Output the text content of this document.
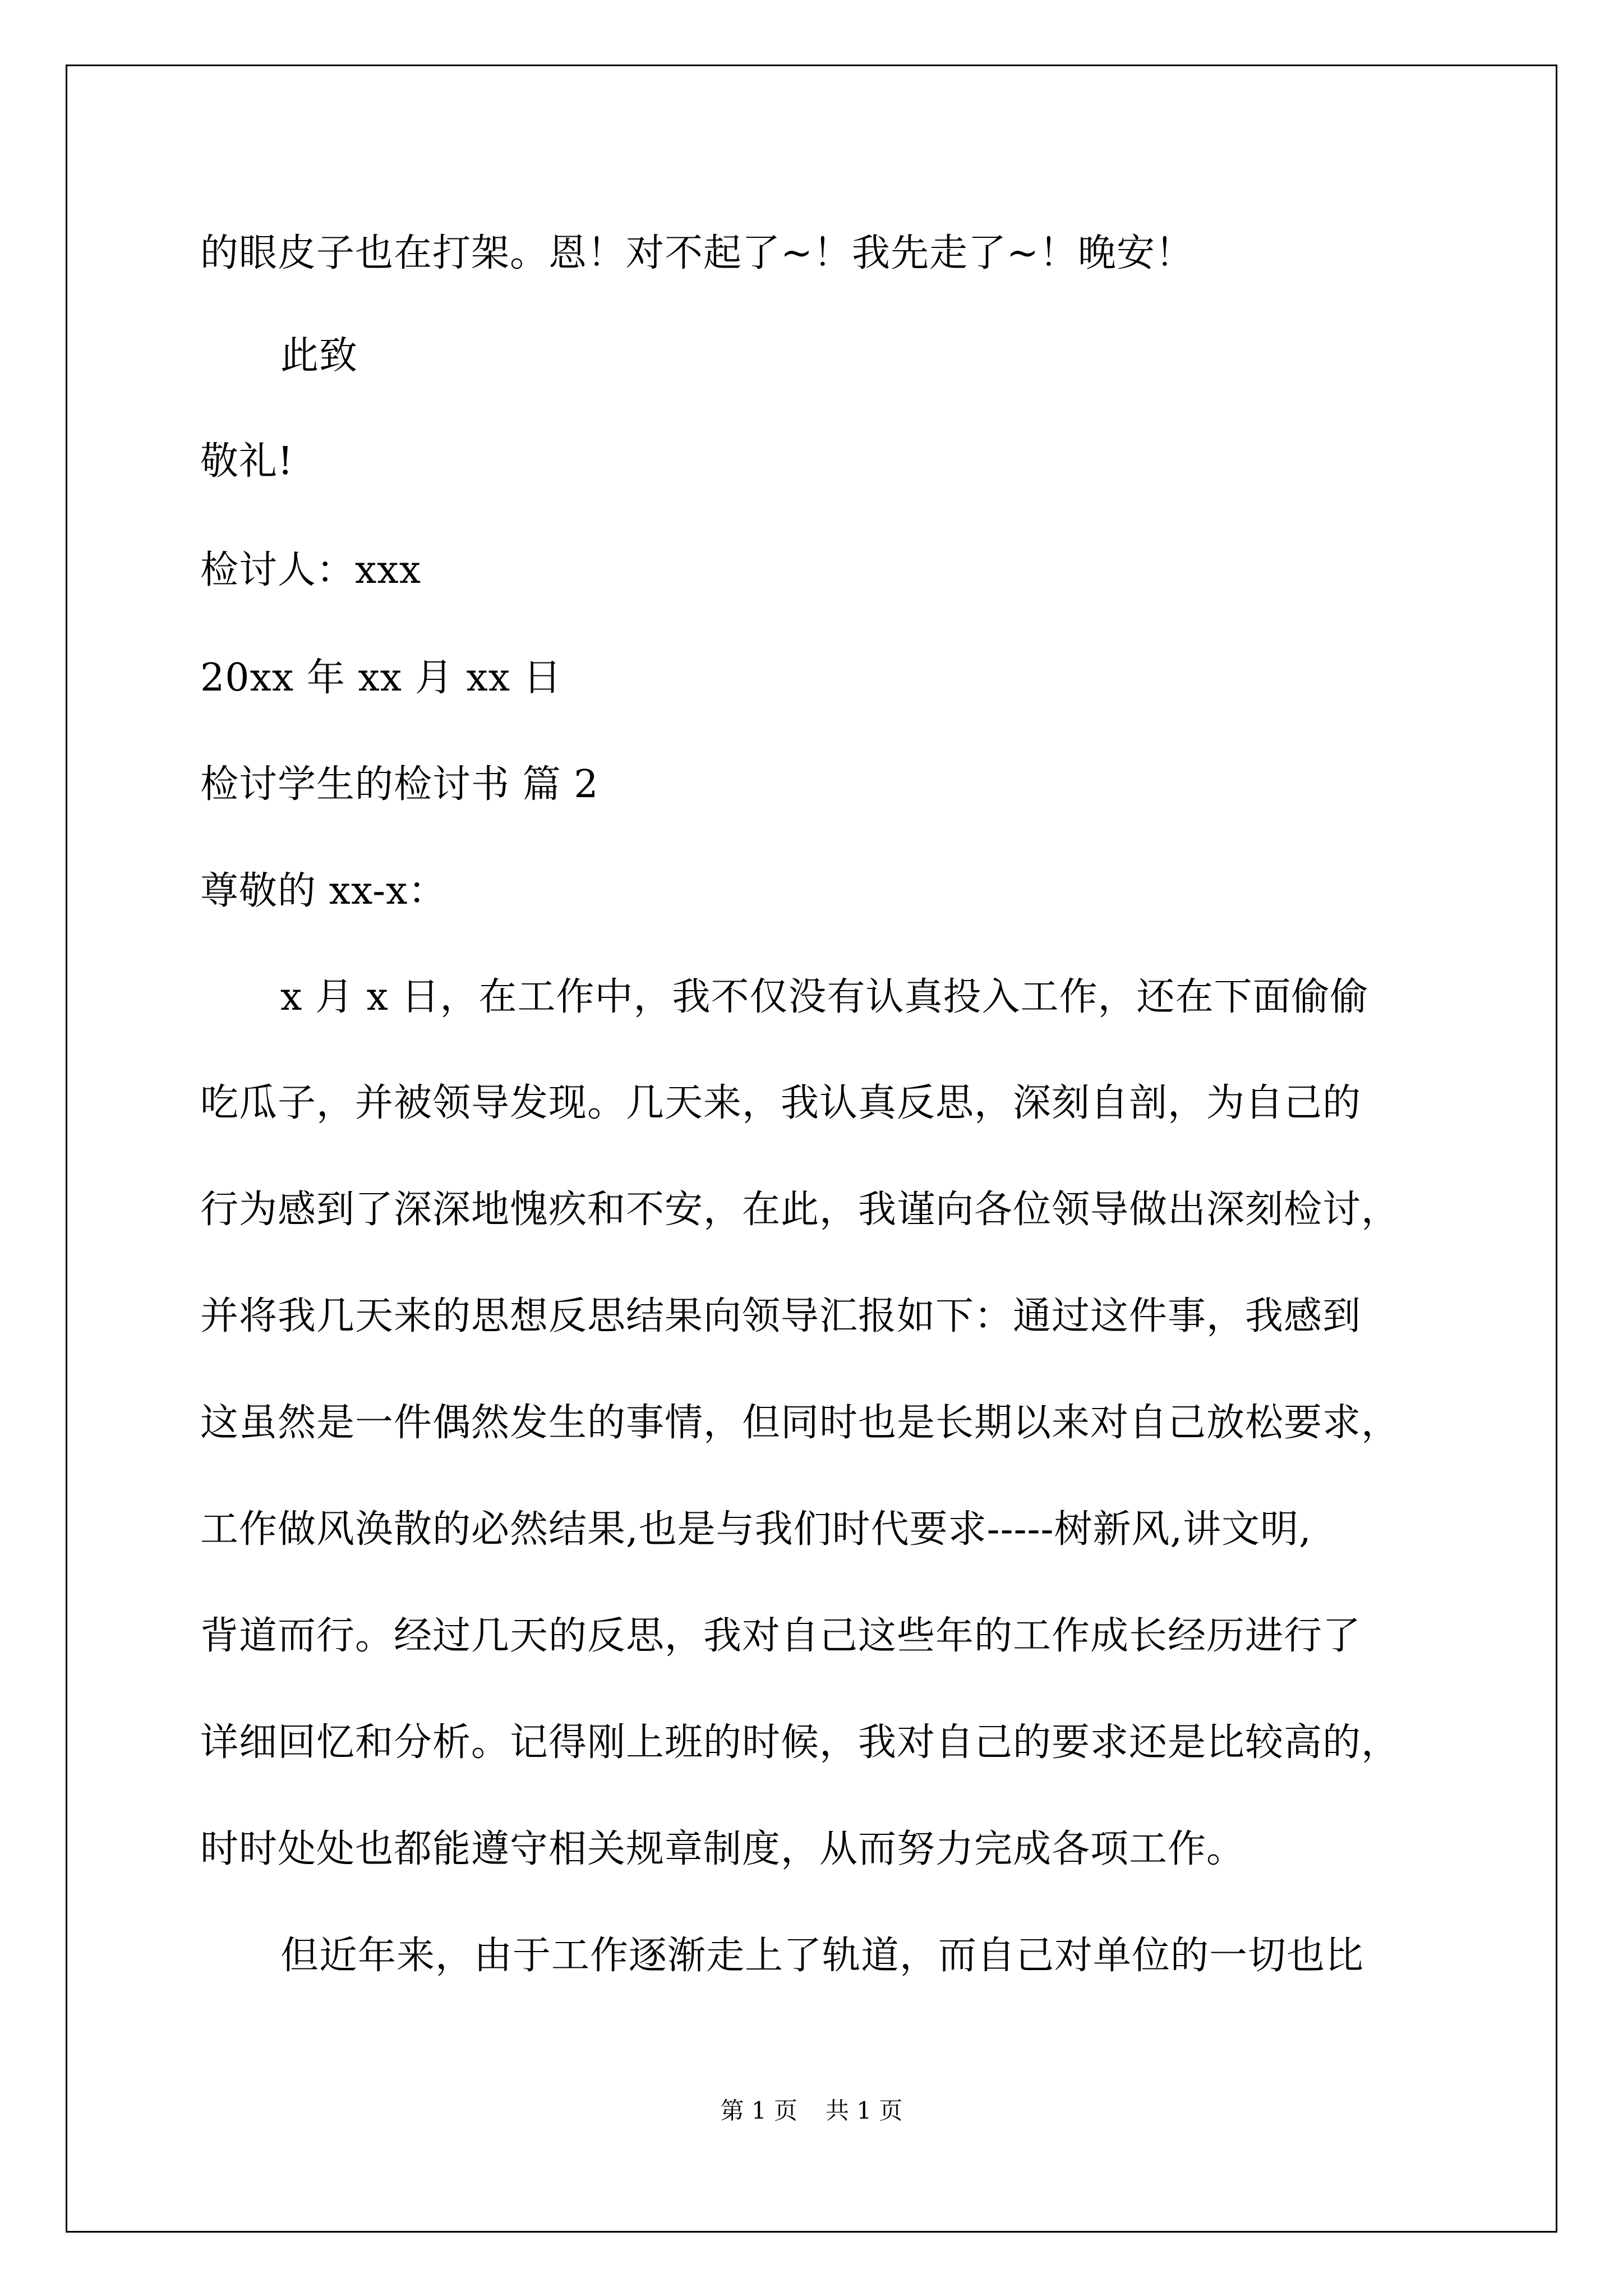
的眼皮子也在打架。恩！对不起了~！我先走了~！晚安！
此致
敬礼!
检讨人：xxx
20xx 年 xx 月 xx 日
检讨学生的检讨书 篇 2
尊敬的 xx-x：
x 月 x 日，在工作中，我不仅没有认真投入工作，还在下面偷偷
吃瓜子，并被领导发现。几天来，我认真反思，深刻自剖，为自己的
行为感到了深深地愧疚和不安，在此，我谨向各位领导做出深刻检讨，
并将我几天来的思想反思结果向领导汇报如下：通过这件事，我感到
这虽然是一件偶然发生的事情，但同时也是长期以来对自己放松要求，
工作做风涣散的必然结果,也是与我们时代要求-----树新风,讲文明,
背道而行。经过几天的反思，我对自己这些年的工作成长经历进行了
详细回忆和分析。记得刚上班的时候，我对自己的要求还是比较高的，
时时处处也都能遵守相关规章制度，从而努力完成各项工作。
但近年来，由于工作逐渐走上了轨道，而自己对单位的一切也比
第 1 页 共 1 页
